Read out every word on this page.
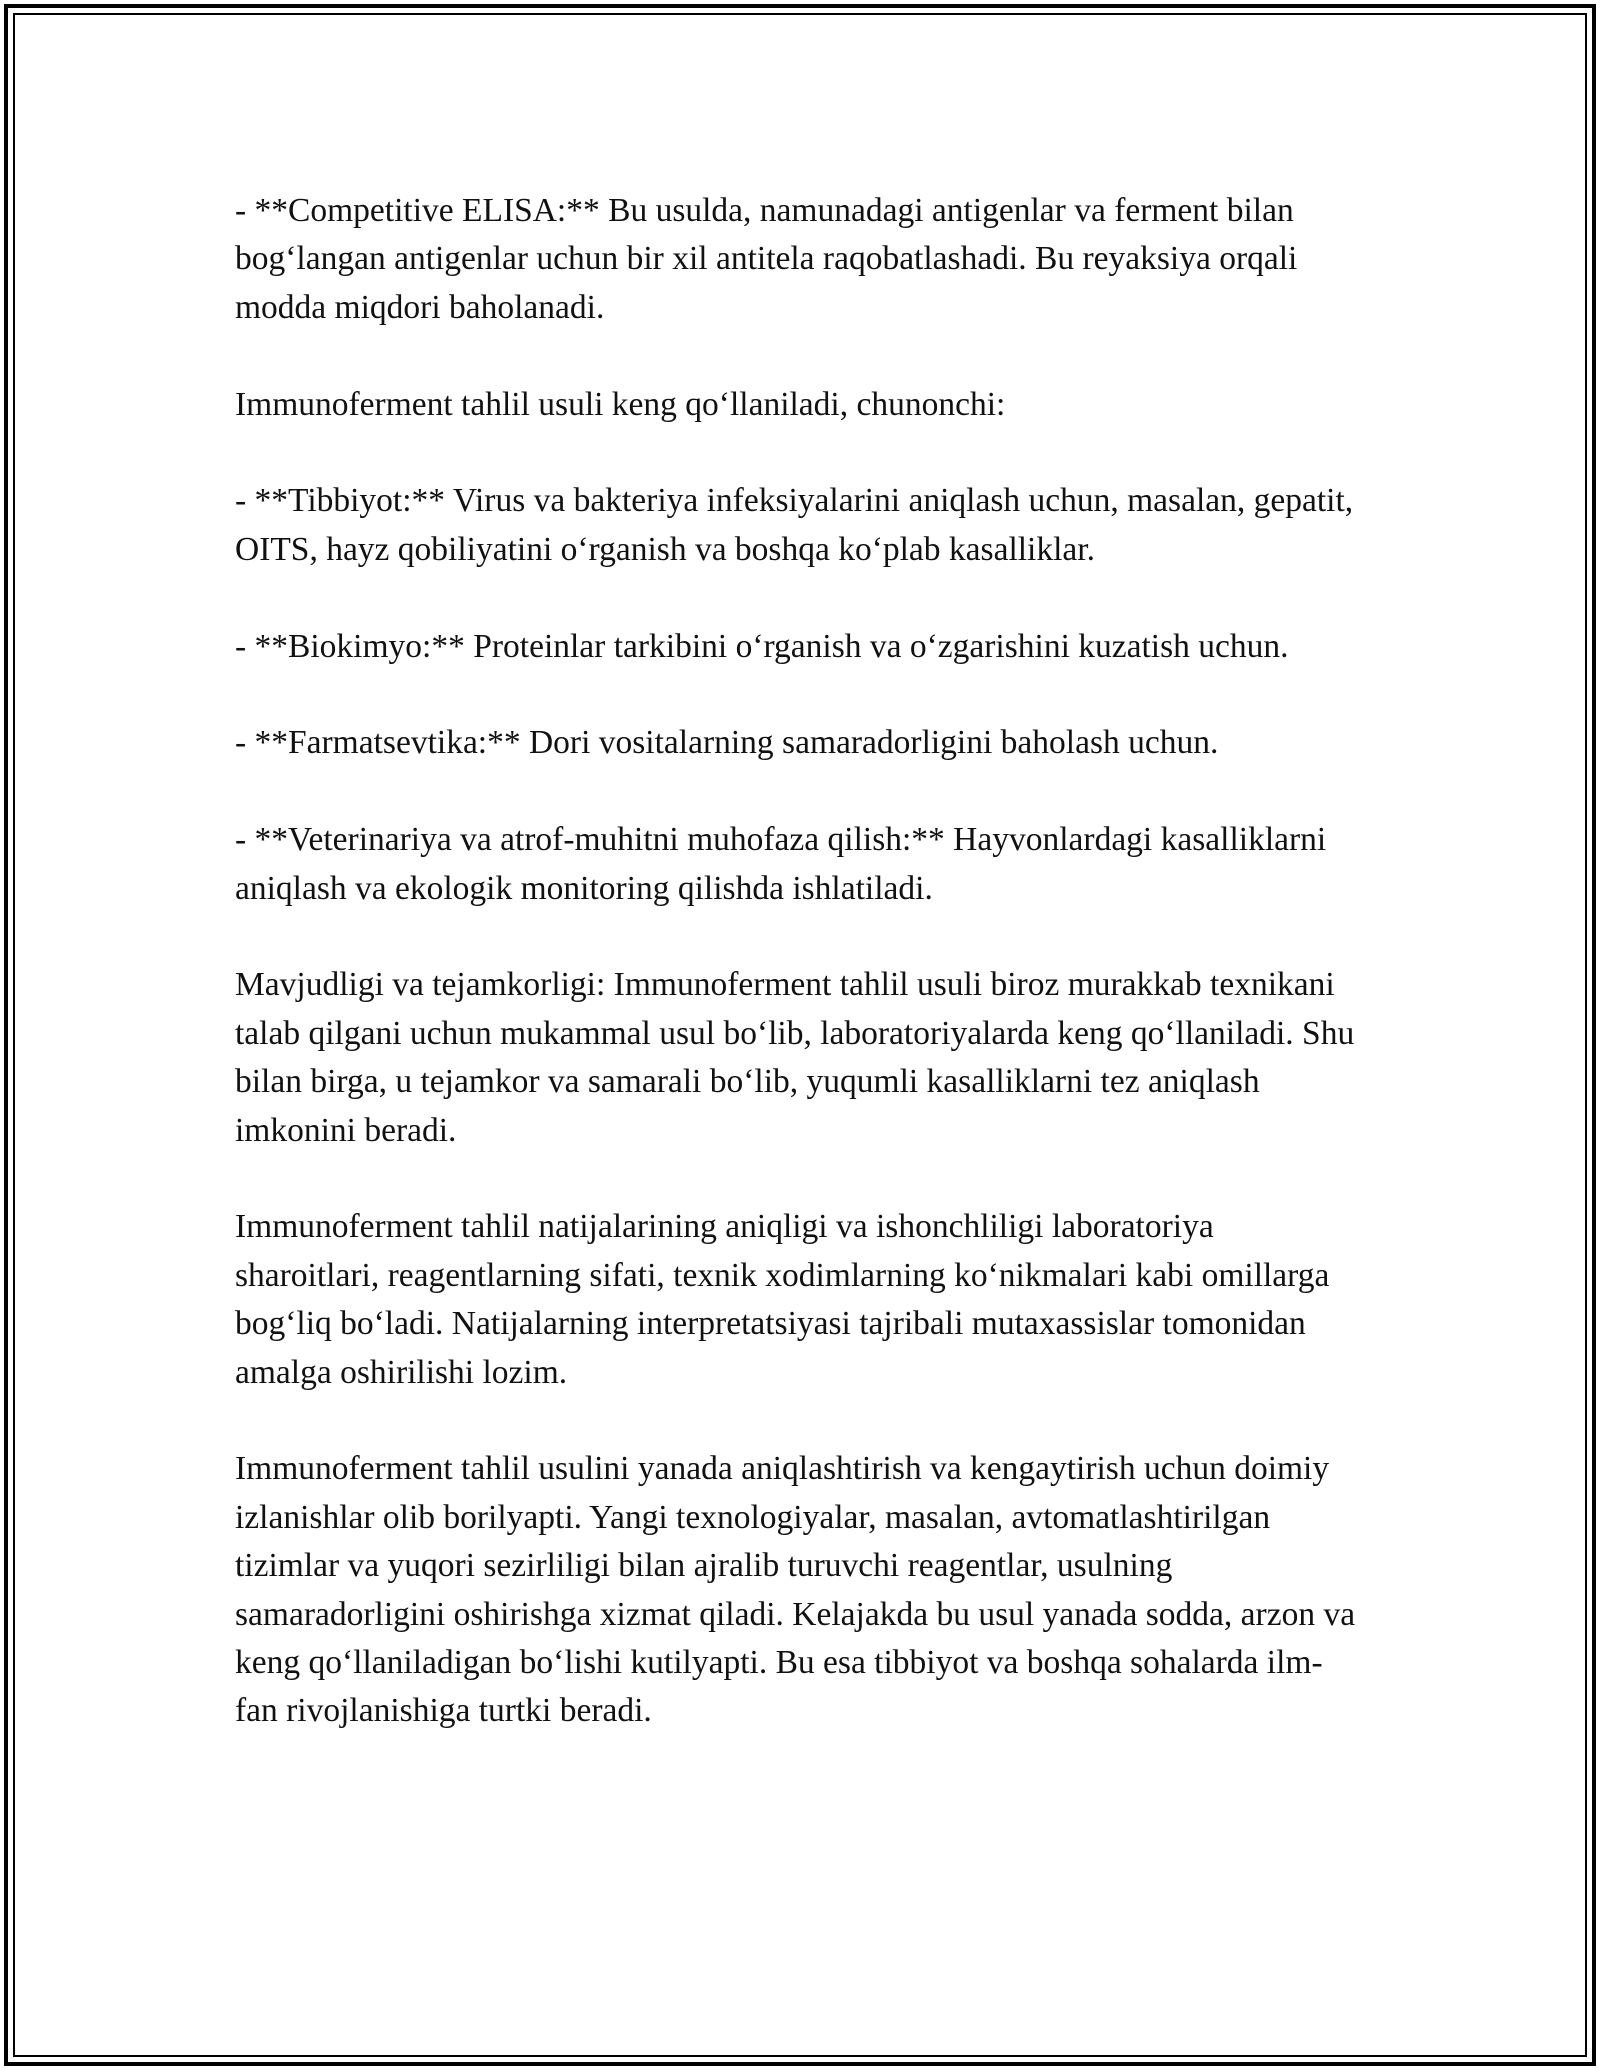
- **Competitive ELISA:** Bu usulda, namunadagi antigenlar va ferment bilan bog‘langan antigenlar uchun bir xil antitela raqobatlashadi. Bu reyaksiya orqali modda miqdori baholanadi.

Immunoferment tahlil usuli keng qo‘llaniladi, chunonchi:

- **Tibbiyot:** Virus va bakteriya infeksiyalarini aniqlash uchun, masalan, gepatit, OITS, hayz qobiliyatini o‘rganish va boshqa ko‘plab kasalliklar.

- **Biokimyo:** Proteinlar tarkibini o‘rganish va o‘zgarishini kuzatish uchun.

- **Farmatsevtika:** Dori vositalarning samaradorligini baholash uchun.

- **Veterinariya va atrof-muhitni muhofaza qilish:** Hayvonlardagi kasalliklarni aniqlash va ekologik monitoring qilishda ishlatiladi.

Mavjudligi va tejamkorligi: Immunoferment tahlil usuli biroz murakkab texnikani talab qilgani uchun mukammal usul bo‘lib, laboratoriyalarda keng qo‘llaniladi. Shu bilan birga, u tejamkor va samarali bo‘lib, yuqumli kasalliklarni tez aniqlash imkonini beradi.

Immunoferment tahlil natijalarining aniqligi va ishonchliligi laboratoriya sharoitlari, reagentlarning sifati, texnik xodimlarning ko‘nikmalari kabi omillarga bog‘liq bo‘ladi. Natijalarning interpretatsiyasi tajribali mutaxassislar tomonidan amalga oshirilishi lozim.

Immunoferment tahlil usulini yanada aniqlashtirish va kengaytirish uchun doimiy izlanishlar olib borilyapti. Yangi texnologiyalar, masalan, avtomatlashtirilgan tizimlar va yuqori sezirliligi bilan ajralib turuvchi reagentlar, usulning samaradorligini oshirishga xizmat qiladi. Kelajakda bu usul yanada sodda, arzon va keng qo‘llaniladigan bo‘lishi kutilyapti. Bu esa tibbiyot va boshqa sohalarda ilm-fan rivojlanishiga turtki beradi.
